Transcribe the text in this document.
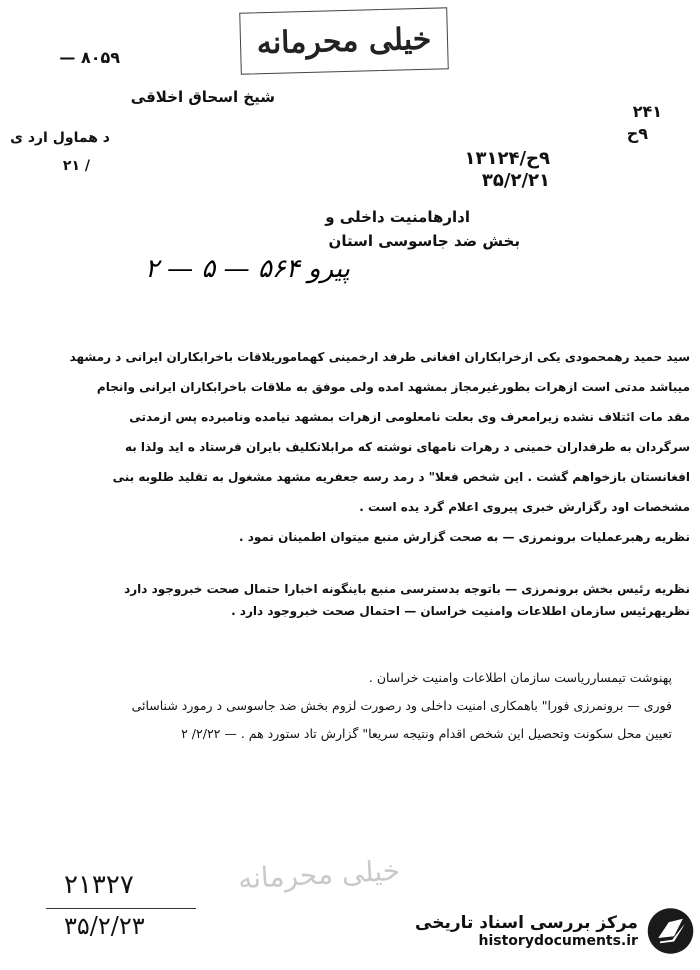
خیلی محرمانه
۸۰۵۹ —
شیخ اسحاق اخلاقی
د هماول ارد ی
/ ۲۱
۲۴۱
۹ح
۹ح/۱۳۱۲۴
۳۵/۲/۲۱
ادارهامنیت داخلی و
بخش ضد جاسوسی استان
پیرو ۵۶۴ — ۵ — ۲
سید حمید رهمحمودی یکی ازخرابکاران افغانی طرفد ارخمینی کهماموریلاقات باخرابکاران ایرانی د رمشهد
میباشد مدتی است ازهرات بطورغیرمجاز بمشهد امده ولی موفق به ملاقات باخرابکاران ایرانی وانجام
مقد مات ائتلاف نشده زیرامعرف وی بعلت نامعلومی ازهرات بمشهد نیامده ونامبرده پس ازمدتی
سرگردان به طرفداران خمینی د رهرات نامهای نوشته که مرابلاتکلیف بایران فرستاد ه اید ولذا به
افغانستان بازخواهم گشت . این شخص فعلا" د رمد رسه جعفریه مشهد مشغول به تقلید طلوبه بنی
مشخصات اود رگزارش خبری پیروی اعلام گرد یده است .
نظریه رهبرعملیات برونمرزی — به صحت گزارش منبع میتوان اطمینان نمود .
نظریه رئیس بخش برونمرزی — باتوجه بدسترسی منبع باینگونه اخبارا حتمال صحت خبروجود دارد
نظریهرئیس سازمان اطلاعات وامنیت خراسان — احتمال صحت خبروجود دارد .
پهنوشت تیمسارریاست سازمان اطلاعات وامنیت خراسان .
فوری — برونمرزی فورا" باهمکاری امنیت داخلی ود رصورت لزوم بخش ضد جاسوسی د رمورد شناسائی
تعیین محل سکونت وتحصیل این شخص اقدام ونتیجه سریعا" گزارش تاد ستورد هم . — ۲/۲۲/ ۲
۲۱۳۲۷
۳۵/۲/۲۳
خیلی محرمانه
مرکز بررسی اسناد تاریخی
historydocuments.ir
